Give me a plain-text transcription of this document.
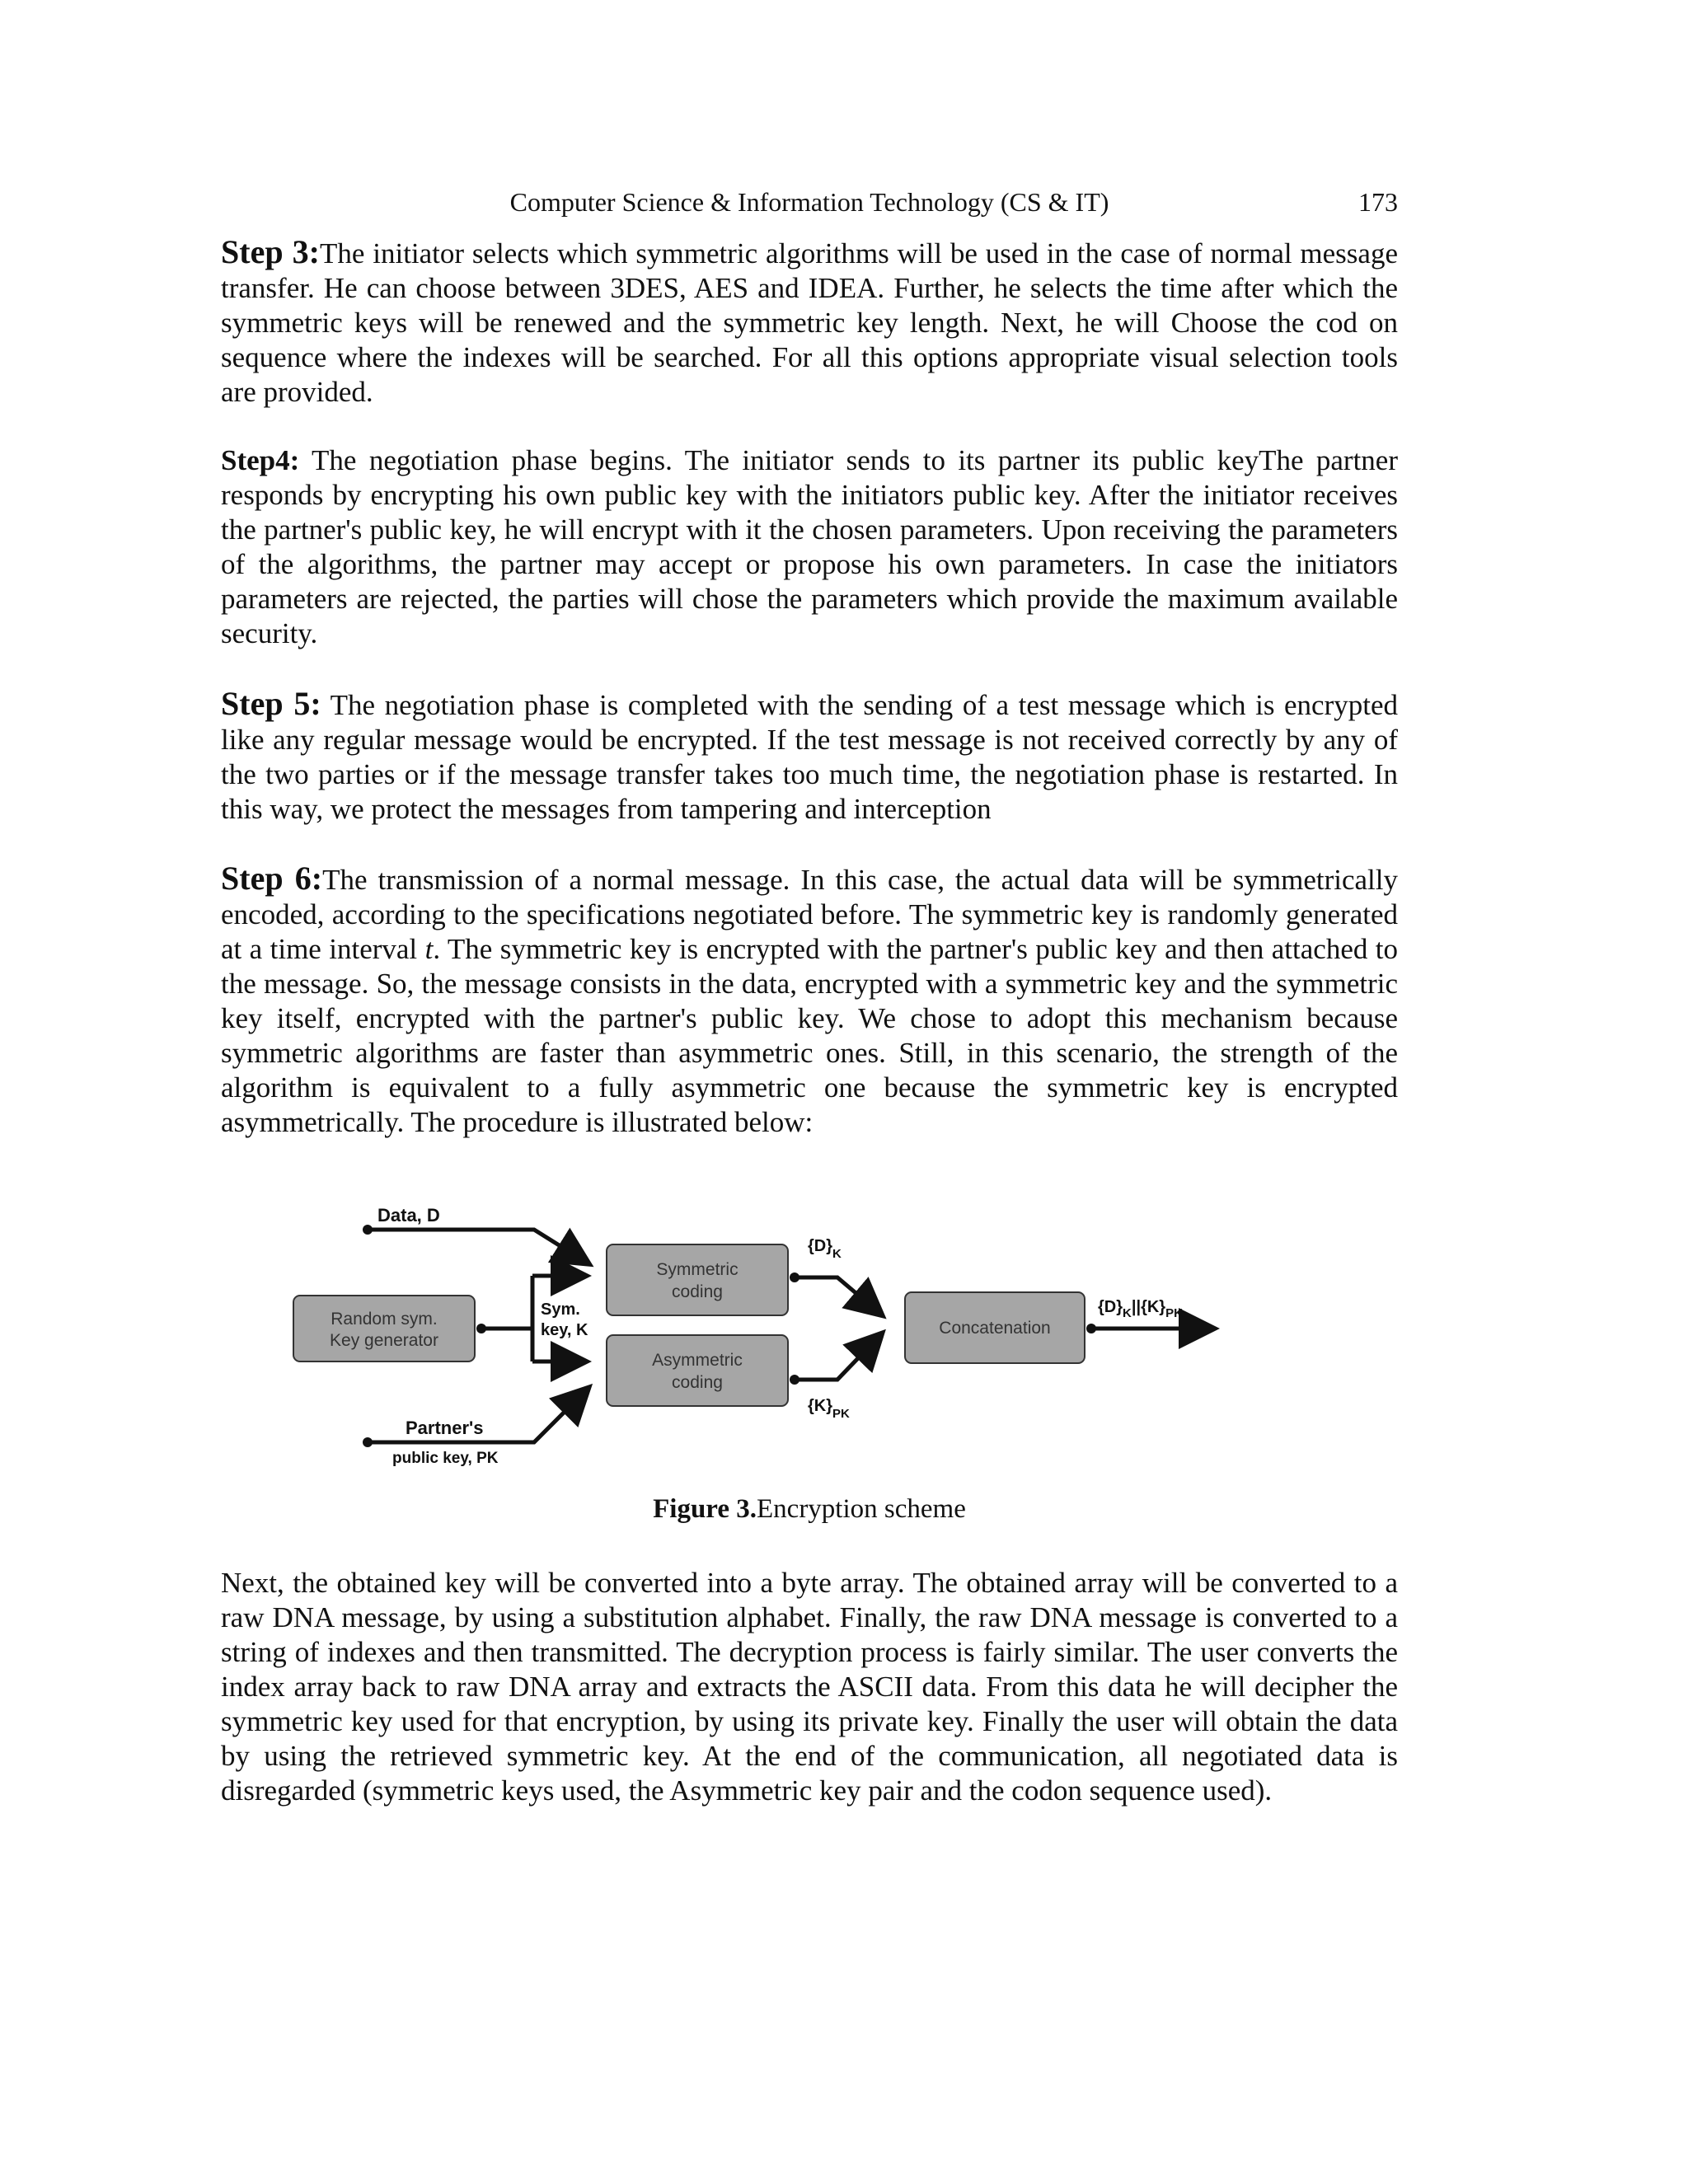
Computer Science & Information Technology (CS & IT)	173

Step 3:The initiator selects which symmetric algorithms will be used in the case of normal message transfer. He can choose between 3DES, AES and IDEA. Further, he selects the time after which the symmetric keys will be renewed and the symmetric key length. Next, he will Choose the cod on sequence where the indexes will be searched. For all this options appropriate visual selection tools are provided.

Step4: The negotiation phase begins. The initiator sends to its partner its public keyThe partner responds by encrypting his own public key with the initiators public key. After the initiator receives the partner's public key, he will encrypt with it the chosen parameters. Upon receiving the parameters of the algorithms, the partner may accept or propose his own parameters. In case the initiators parameters are rejected, the parties will chose the parameters which provide the maximum available security.

Step 5: The negotiation phase is completed with the sending of a test message which is encrypted like any regular message would be encrypted. If the test message is not received correctly by any of the two parties or if the message transfer takes too much time, the negotiation phase is restarted. In this way, we protect the messages from tampering and interception

Step 6:The transmission of a normal message. In this case, the actual data will be symmetrically encoded, according to the specifications negotiated before. The symmetric key is randomly generated at a time interval t. The symmetric key is encrypted with the partner's public key and then attached to the message. So, the message consists in the data, encrypted with a symmetric key and the symmetric key itself, encrypted with the partner's public key. We chose to adopt this mechanism because symmetric algorithms are faster than asymmetric ones. Still, in this scenario, the strength of the algorithm is equivalent to a fully asymmetric one because the symmetric key is encrypted asymmetrically. The procedure is illustrated below:

Data, D
Random sym.
Key generator
Sym.
key, K
Symmetric
coding
Asymmetric
coding
Partner's
public key, PK
$\{D\}_K$
$\{K\}_{PK}$
Concatenation
$\{D\}_K||\{K\}_{PK}$
Figure 3.Encryption scheme

Next, the obtained key will be converted into a byte array. The obtained array will be converted to a raw DNA message, by using a substitution alphabet. Finally, the raw DNA message is converted to a string of indexes and then transmitted. The decryption process is fairly similar. The user converts the index array back to raw DNA array and extracts the ASCII data. From this data he will decipher the symmetric key used for that encryption, by using its private key. Finally the user will obtain the data by using the retrieved symmetric key. At the end of the communication, all negotiated data is disregarded (symmetric keys used, the Asymmetric key pair and the codon sequence used).
